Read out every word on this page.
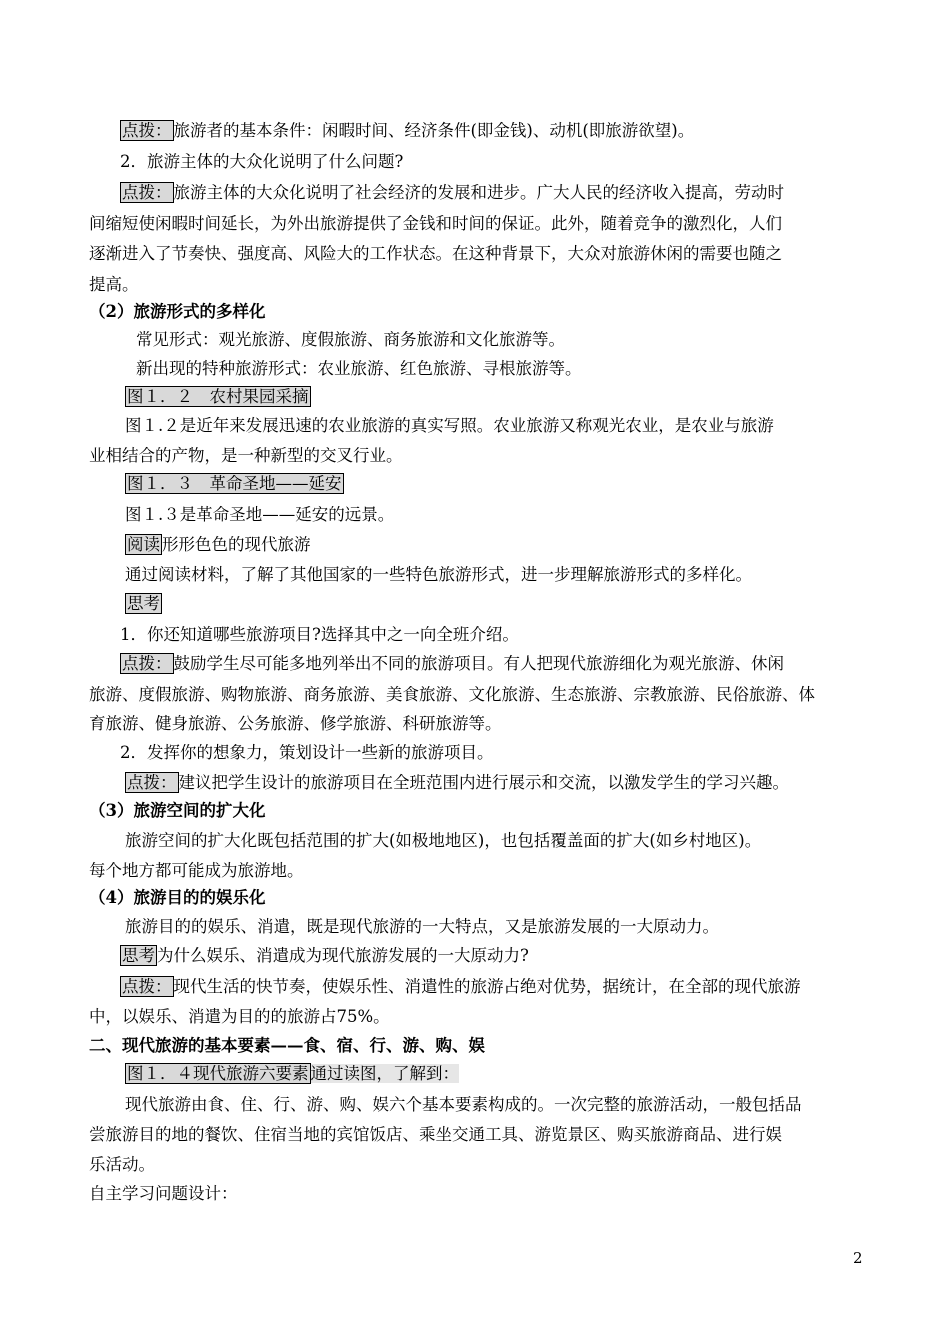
点拨： 旅游者的基本条件：闲暇时间、经济条件(即金钱)、动机(即旅游欲望)。
2．旅游主体的大众化说明了什么问题?
点拨： 旅游主体的大众化说明了社会经济的发展和进步。广大人民的经济收入提高，劳动时
间缩短使闲暇时间延长，为外出旅游提供了金钱和时间的保证。此外，随着竞争的激烈化，人们
逐渐进入了节奏快、强度高、风险大的工作状态。在这种背景下，大众对旅游休闲的需要也随之
提高。
（2）旅游形式的多样化
常见形式：观光旅游、度假旅游、商务旅游和文化旅游等。
新出现的特种旅游形式：农业旅游、红色旅游、寻根旅游等。
图１．２　农村果园采摘
图１.２是近年来发展迅速的农业旅游的真实写照。农业旅游又称观光农业，是农业与旅游
业相结合的产物，是一种新型的交叉行业。
图１．３　革命圣地——延安
图１.３是革命圣地——延安的远景。
阅读 形形色色的现代旅游
通过阅读材料，了解了其他国家的一些特色旅游形式，进一步理解旅游形式的多样化。
思考
1．你还知道哪些旅游项目?选择其中之一向全班介绍。
点拨： 鼓励学生尽可能多地列举出不同的旅游项目。有人把现代旅游细化为观光旅游、休闲
旅游、度假旅游、购物旅游、商务旅游、美食旅游、文化旅游、生态旅游、宗教旅游、民俗旅游、体
育旅游、健身旅游、公务旅游、修学旅游、科研旅游等。
2．发挥你的想象力，策划设计一些新的旅游项目。
点拨： 建议把学生设计的旅游项目在全班范围内进行展示和交流，以激发学生的学习兴趣。
（3）旅游空间的扩大化
旅游空间的扩大化既包括范围的扩大(如极地地区)，也包括覆盖面的扩大(如乡村地区)。
每个地方都可能成为旅游地。
（4）旅游目的的娱乐化
旅游目的的娱乐、消遣，既是现代旅游的一大特点，又是旅游发展的一大原动力。
思考 为什么娱乐、消遣成为现代旅游发展的一大原动力?
点拨： 现代生活的快节奏，使娱乐性、消遣性的旅游占绝对优势，据统计，在全部的现代旅游
中，以娱乐、消遣为目的的旅游占75%。
二、现代旅游的基本要素——食、宿、行、游、购、娱
图１．４现代旅游六要素 通过读图，了解到：
现代旅游由食、住、行、游、购、娱六个基本要素构成的。一次完整的旅游活动，一般包括品
尝旅游目的地的餐饮、住宿当地的宾馆饭店、乘坐交通工具、游览景区、购买旅游商品、进行娱
乐活动。
自主学习问题设计：
2
